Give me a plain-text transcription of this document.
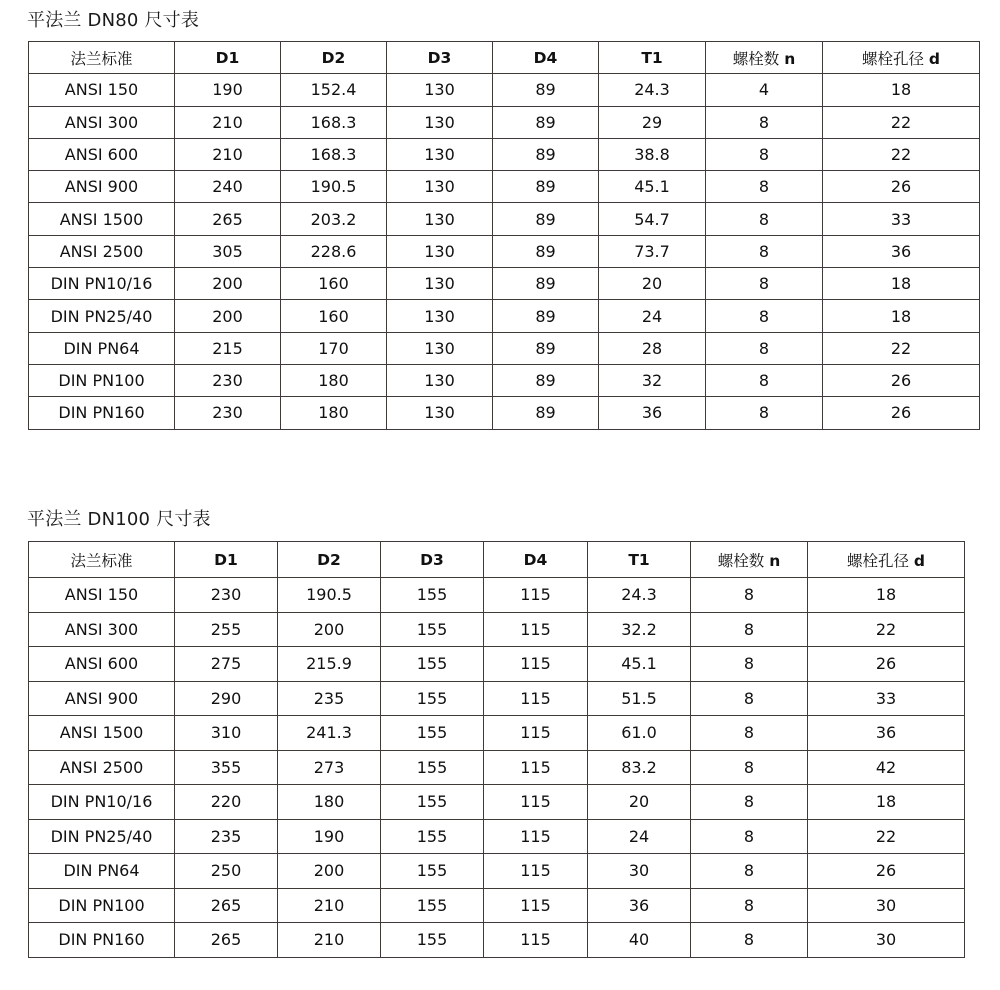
平法兰 DN80 尺寸表
法兰标准	D1	D2	D3	D4	T1	螺栓数 n	螺栓孔径 d
ANSI 150	190	152.4	130	89	24.3	4	18
ANSI 300	210	168.3	130	89	29	8	22
ANSI 600	210	168.3	130	89	38.8	8	22
ANSI 900	240	190.5	130	89	45.1	8	26
ANSI 1500	265	203.2	130	89	54.7	8	33
ANSI 2500	305	228.6	130	89	73.7	8	36
DIN PN10/16	200	160	130	89	20	8	18
DIN PN25/40	200	160	130	89	24	8	18
DIN PN64	215	170	130	89	28	8	22
DIN PN100	230	180	130	89	32	8	26
DIN PN160	230	180	130	89	36	8	26
平法兰 DN100 尺寸表
法兰标准	D1	D2	D3	D4	T1	螺栓数 n	螺栓孔径 d
ANSI 150	230	190.5	155	115	24.3	8	18
ANSI 300	255	200	155	115	32.2	8	22
ANSI 600	275	215.9	155	115	45.1	8	26
ANSI 900	290	235	155	115	51.5	8	33
ANSI 1500	310	241.3	155	115	61.0	8	36
ANSI 2500	355	273	155	115	83.2	8	42
DIN PN10/16	220	180	155	115	20	8	18
DIN PN25/40	235	190	155	115	24	8	22
DIN PN64	250	200	155	115	30	8	26
DIN PN100	265	210	155	115	36	8	30
DIN PN160	265	210	155	115	40	8	30
